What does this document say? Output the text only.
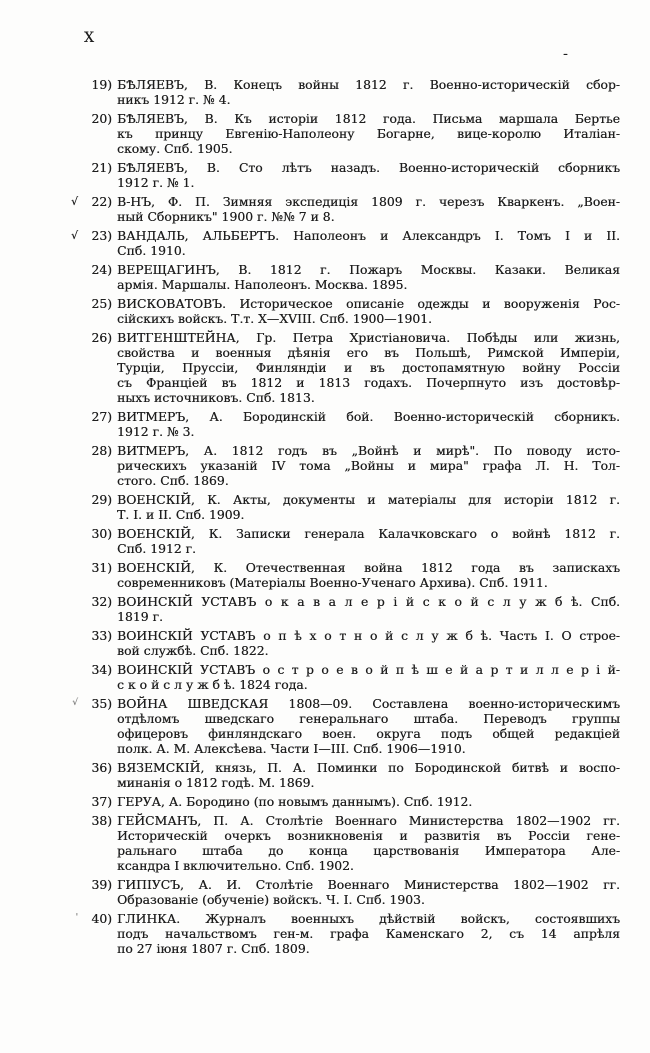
X
-
19) БѢЛЯЕВЪ, В. Конецъ войны 1812 г. Военно-историческій сбор-
никъ 1912 г. № 4.
20) БѢЛЯЕВЪ, В. Къ исторіи 1812 года. Письма маршала Бертье
къ принцу Евгенію-Наполеону Богарне, вице-королю Италіан-
скому. Спб. 1905.
21) БѢЛЯЕВЪ, В. Сто лѣтъ назадъ. Военно-историческій сборникъ
1912 г. № 1.
√	22) В-НЪ, Ф. П. Зимняя экспедиція 1809 г. черезъ Кваркенъ. „Воен-
ный Сборникъ" 1900 г. №№ 7 и 8.
√	23) ВАНДАЛЬ, АЛЬБЕРТЪ. Наполеонъ и Александръ I. Томъ I и II.
Спб. 1910.
24) ВЕРЕЩАГИНЪ, В. 1812 г. Пожаръ Москвы. Казаки. Великая
армія. Маршалы. Наполеонъ. Москва. 1895.
25) ВИСКОВАТОВЪ. Историческое описаніе одежды и вооруженія Рос-
сійскихъ войскъ. Т.т. X—XVIII. Спб. 1900—1901.
26) ВИТГЕНШТЕЙНА, Гр. Петра Христіановича. Побѣды или жизнь,
свойства и военныя дѣянія его въ Польшѣ, Римской Имперіи,
Турціи, Пруссіи, Финляндіи и въ достопамятную войну Россіи
съ Франціей въ 1812 и 1813 годахъ. Почерпнуто изъ достовѣр-
ныхъ источниковъ. Спб. 1813.
27) ВИТМЕРЪ, А. Бородинскій бой. Военно-историческій сборникъ.
1912 г. № 3.
28) ВИТМЕРЪ, А. 1812 годъ въ „Войнѣ и мирѣ". По поводу исто-
рическихъ указаній IV тома „Войны и мира" графа Л. Н. Тол-
стого. Спб. 1869.
29) ВОЕНСКІЙ, К. Акты, документы и матеріалы для исторіи 1812 г.
Т. I. и II. Спб. 1909.
30) ВОЕНСКІЙ, К. Записки генерала Калачковскаго о войнѣ 1812 г.
Спб. 1912 г.
31) ВОЕНСКІЙ, К. Отечественная война 1812 года въ запискахъ
современниковъ (Матеріалы Военно-Ученаго Архива). Спб. 1911.
32) ВОИНСКІЙ УСТАВЪ о к а в а л е р і й с к о й с л у ж б ѣ. Спб.
1819 г.
33) ВОИНСКІЙ УСТАВЪ о п ѣ х о т н о й с л у ж б ѣ. Часть I. О строе-
вой службѣ. Спб. 1822.
34) ВОИНСКІЙ УСТАВЪ о с т р о е в о й п ѣ ш е й а р т и л л е р і й-
с к о й с л у ж б ѣ. 1824 года.
√	35) ВОЙНА ШВЕДСКАЯ 1808—09. Составлена военно-историческимъ
отдѣломъ шведскаго генеральнаго штаба. Переводъ группы
офицеровъ финляндскаго воен. округа подъ общей редакціей
полк. А. М. Алексѣева. Части I—III. Спб. 1906—1910.
36) ВЯЗЕМСКІЙ, князь, П. А. Поминки по Бородинской битвѣ и воспо-
минанія о 1812 годѣ. М. 1869.
37) ГЕРУА, А. Бородино (по новымъ даннымъ). Спб. 1912.
38) ГЕЙСМАНЪ, П. А. Столѣтіе Военнаго Министерства 1802—1902 гг.
Историческій очеркъ возникновенія и развитія въ Россіи гене-
ральнаго штаба до конца царствованія Императора Але-
ксандра I включительно. Спб. 1902.
39) ГИПІУСЪ, А. И. Столѣтіе Военнаго Министерства 1802—1902 гг.
Образованіе (обученіе) войскъ. Ч. I. Спб. 1903.
'	40) ГЛИНКА. Журналъ военныхъ дѣйствій войскъ, состоявшихъ
подъ начальствомъ ген-м. графа Каменскаго 2, съ 14 апрѣля
по 27 іюня 1807 г. Спб. 1809.
